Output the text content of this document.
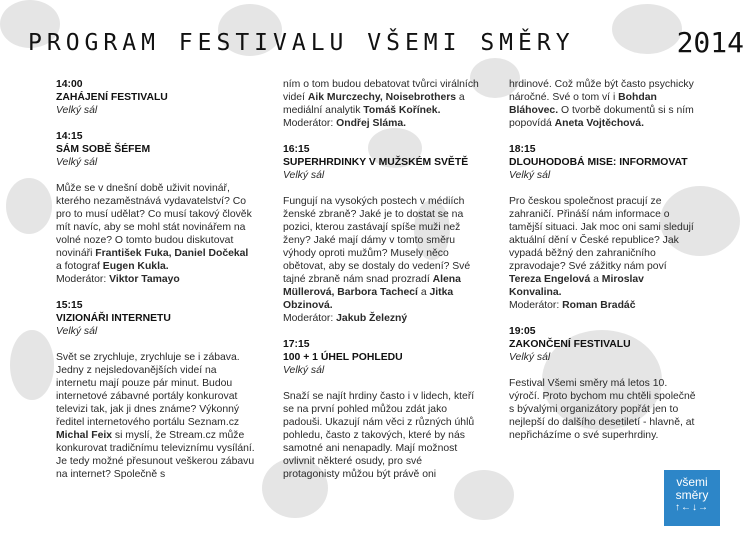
PROGRAM FESTIVALU VŠEMI SMĚRY	2014

14:00

ZAHÁJENÍ FESTIVALU

Velký sál

14:15

SÁM SOBĚ ŠÉFEM

Velký sál

Může se v dnešní době uživit novinář, kterého nezaměstnává vydavatelství? Co pro to musí udělat? Co musí takový člověk mít navíc, aby se mohl stát novinářem na volné noze? O tomto budou diskutovat novináři František Fuka, Daniel Dočekal a fotograf Eugen Kukla.

Moderátor: Viktor Tamayo

15:15

VIZIONÁŘI INTERNETU

Velký sál

Svět se zrychluje, zrychluje se i zábava. Jedny z nejsledovanějších videí na internetu mají pouze pár minut. Budou internetové zábavné portály konkurovat televizi tak, jak ji dnes známe? Výkonný ředitel internetového portálu Seznam.cz Michal Feix si myslí, že Stream.cz může konkurovat tradičnímu televiznímu vysílání. Je tedy možné přesunout veškerou zábavu na internet? Společně s

ním o tom budou debatovat tvůrci virálních videí Aik Murczechy, Noisebrothers a mediální analytik Tomáš Kořínek.

Moderátor: Ondřej Sláma.

16:15

SUPERHRDINKY V MUŽSKÉM SVĚTĚ

Velký sál

Fungují na vysokých postech v médiích ženské zbraně? Jaké je to dostat se na pozici, kterou zastávají spíše muži než ženy? Jaké mají dámy v tomto směru výhody oproti mužům? Musely něco obětovat, aby se dostaly do vedení? Své tajné zbraně nám snad prozradí Alena Müllerová, Barbora Tachecí a Jitka Obzinová.

Moderátor: Jakub Železný

17:15

100 + 1 ÚHEL POHLEDU

Velký sál

Snaží se najít hrdiny často i v lidech, kteří se na první pohled můžou zdát jako padouši. Ukazují nám věci z různých úhlů pohledu, často z takových, které by nás samotné ani nenapadly. Mají možnost ovlivnit některé osudy, pro své protagonisty můžou být právě oni

hrdinové. Což může být často psychicky náročné. Své o tom ví i Bohdan Bláhovec. O tvorbě dokumentů si s ním popovídá Aneta Vojtěchová.

18:15

DLOUHODOBÁ MISE: INFORMOVAT

Velký sál

Pro českou společnost pracují ze zahraničí. Přináší nám informace o tamější situaci. Jak moc oni sami sledují aktuální dění v České republice? Jak vypadá běžný den zahraničního zpravodaje? Své zážitky nám poví Tereza Engelová a Miroslav Konvalina.

Moderátor: Roman Bradáč

19:05

ZAKONČENÍ FESTIVALU

Velký sál

Festival Všemi směry má letos 10. výročí. Proto bychom mu chtěli společně s bývalými organizátory popřát jen to nejlepší do dalšího desetiletí - hlavně, at nepřicházíme o své superhrdiny.

všemi
směry
↑←↓→
